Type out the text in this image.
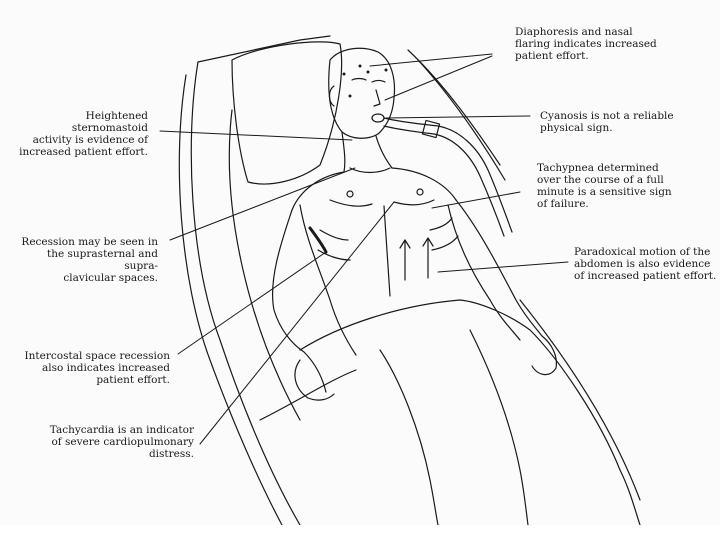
Diaphoresis and nasal
flaring indicates increased
patient effort.
Heightened sternomastoid
activity is evidence of
increased patient effort.
Cyanosis is not a reliable
physical sign.
Tachypnea determined
over the course of a full
minute is a sensitive sign
of failure.
Recession may be seen in
the suprasternal and supra-
clavicular spaces.
Paradoxical motion of the
abdomen is also evidence
of increased patient effort.
Intercostal space recession
also indicates increased
patient effort.
Tachycardia is an indicator
of severe cardiopulmonary
distress.
